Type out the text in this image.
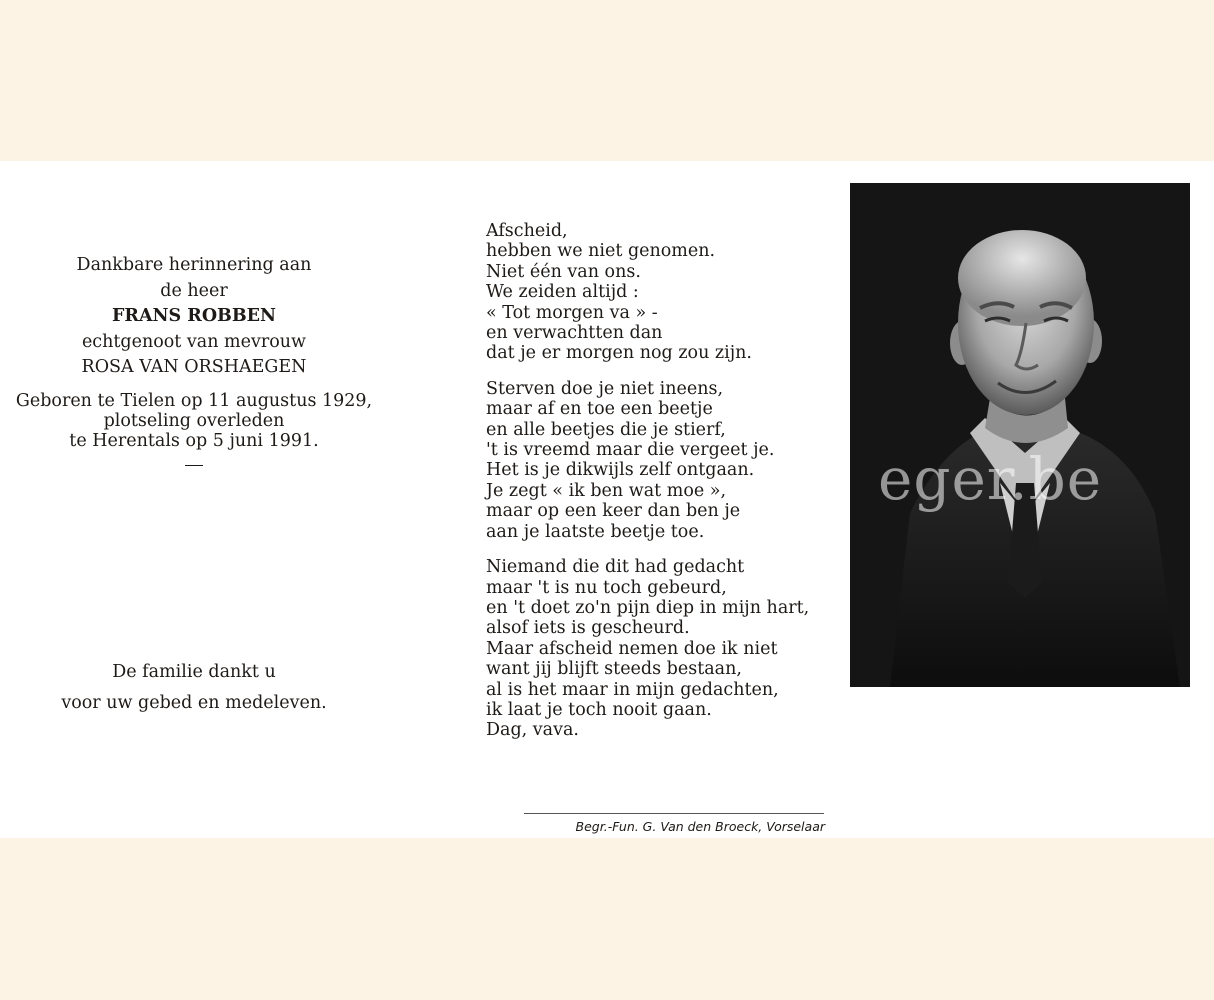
Dankbare herinnering aan
de heer
FRANS ROBBEN
echtgenoot van mevrouw
ROSA VAN ORSHAEGEN
Geboren te Tielen op 11 augustus 1929,
plotseling overleden
te Herentals op 5 juni 1991.
De familie dankt u
voor uw gebed en medeleven.
Afscheid,
hebben we niet genomen.
Niet één van ons.
We zeiden altijd :
« Tot morgen va » -
en verwachtten dan
dat je er morgen nog zou zijn.
Sterven doe je niet ineens,
maar af en toe een beetje
en alle beetjes die je stierf,
't is vreemd maar die vergeet je.
Het is je dikwijls zelf ontgaan.
Je zegt « ik ben wat moe »,
maar op een keer dan ben je
aan je laatste beetje toe.
Niemand die dit had gedacht
maar 't is nu toch gebeurd,
en 't doet zo'n pijn diep in mijn hart,
alsof iets is gescheurd.
Maar afscheid nemen doe ik niet
want jij blijft steeds bestaan,
al is het maar in mijn gedachten,
ik laat je toch nooit gaan.
Dag, vava.
Begr.-Fun. G. Van den Broeck, Vorselaar
eger.be
